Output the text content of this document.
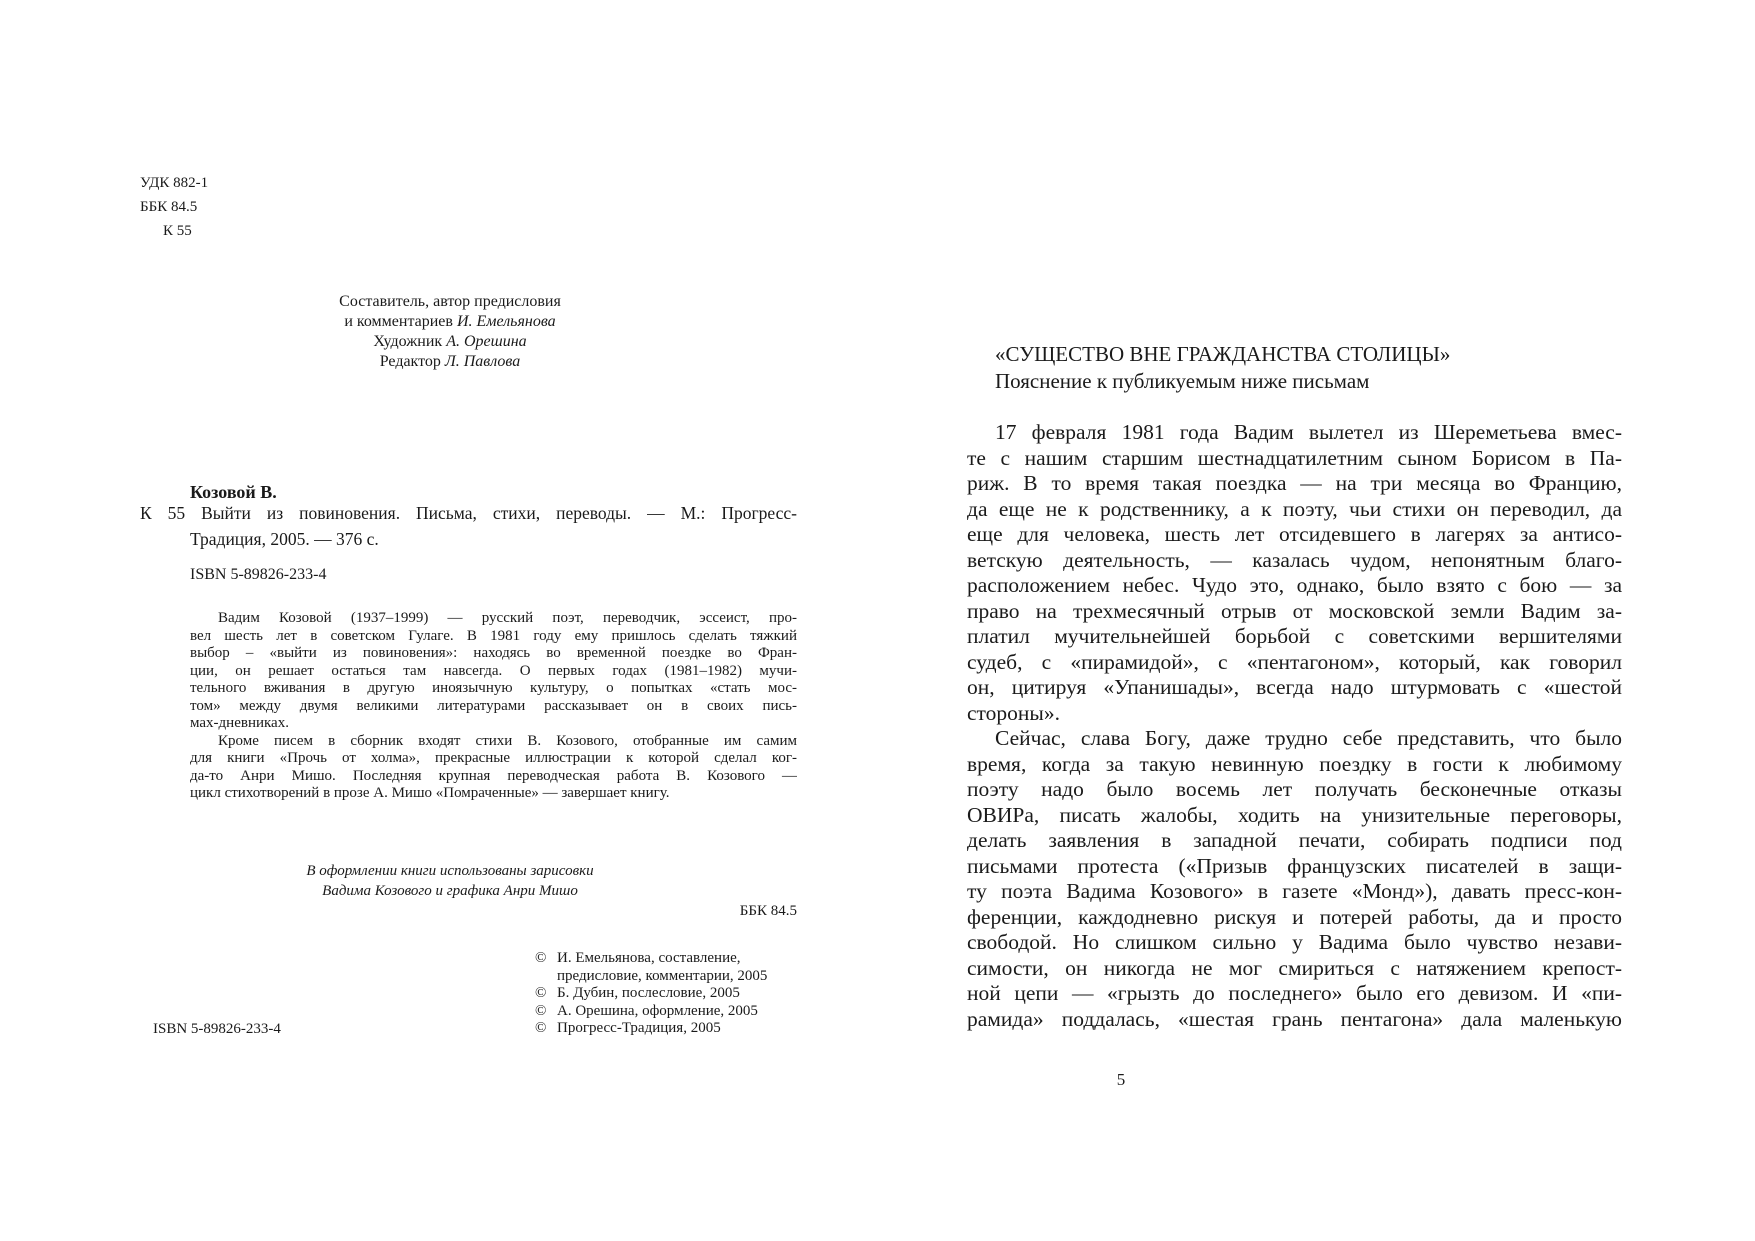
УДК 882-1
ББК 84.5
К 55
Составитель, автор предисловия
и комментариев И. Емельянова
Художник А. Орешина
Редактор Л. Павлова
Козовой В.
К 55 Выйти из повиновения. Письма, стихи, переводы. — М.: Прогресс-
Традиция, 2005. — 376 с.
ISBN 5-89826-233-4
Вадим Козовой (1937–1999) — русский поэт, переводчик, эссеист, про-
вел шесть лет в советском Гулаге. В 1981 году ему пришлось сделать тяжкий
выбор – «выйти из повиновения»: находясь во временной поездке во Фран-
ции, он решает остаться там навсегда. О первых годах (1981–1982) мучи-
тельного вживания в другую иноязычную культуру, о попытках «стать мос-
том» между двумя великими литературами рассказывает он в своих пись-
мах-дневниках.
Кроме писем в сборник входят стихи В. Козового, отобранные им самим
для книги «Прочь от холма», прекрасные иллюстрации к которой сделал ког-
да-то Анри Мишо. Последняя крупная переводческая работа В. Козового —
цикл стихотворений в прозе А. Мишо «Помраченные» — завершает книгу.
В оформлении книги использованы зарисовки
Вадима Козового и графика Анри Мишо
ББК 84.5
© И. Емельянова, составление,
предисловие, комментарии, 2005
© Б. Дубин, послесловие, 2005
© А. Орешина, оформление, 2005
© Прогресс-Традиция, 2005
ISBN 5-89826-233-4
«СУЩЕСТВО ВНЕ ГРАЖДАНСТВА СТОЛИЦЫ»
Пояснение к публикуемым ниже письмам
17 февраля 1981 года Вадим вылетел из Шереметьева вмес-
те с нашим старшим шестнадцатилетним сыном Борисом в Па-
риж. В то время такая поездка — на три месяца во Францию,
да еще не к родственнику, а к поэту, чьи стихи он переводил, да
еще для человека, шесть лет отсидевшего в лагерях за антисо-
ветскую деятельность, — казалась чудом, непонятным благо-
расположением небес. Чудо это, однако, было взято с бою — за
право на трехмесячный отрыв от московской земли Вадим за-
платил мучительнейшей борьбой с советскими вершителями
судеб, с «пирамидой», с «пентагоном», который, как говорил
он, цитируя «Упанишады», всегда надо штурмовать с «шестой
стороны».
Сейчас, слава Богу, даже трудно себе представить, что было
время, когда за такую невинную поездку в гости к любимому
поэту надо было восемь лет получать бесконечные отказы
ОВИРа, писать жалобы, ходить на унизительные переговоры,
делать заявления в западной печати, собирать подписи под
письмами протеста («Призыв французских писателей в защи-
ту поэта Вадима Козового» в газете «Монд»), давать пресс-кон-
ференции, каждодневно рискуя и потерей работы, да и просто
свободой. Но слишком сильно у Вадима было чувство незави-
симости, он никогда не мог смириться с натяжением крепост-
ной цепи — «грызть до последнего» было его девизом. И «пи-
рамида» поддалась, «шестая грань пентагона» дала маленькую
5
